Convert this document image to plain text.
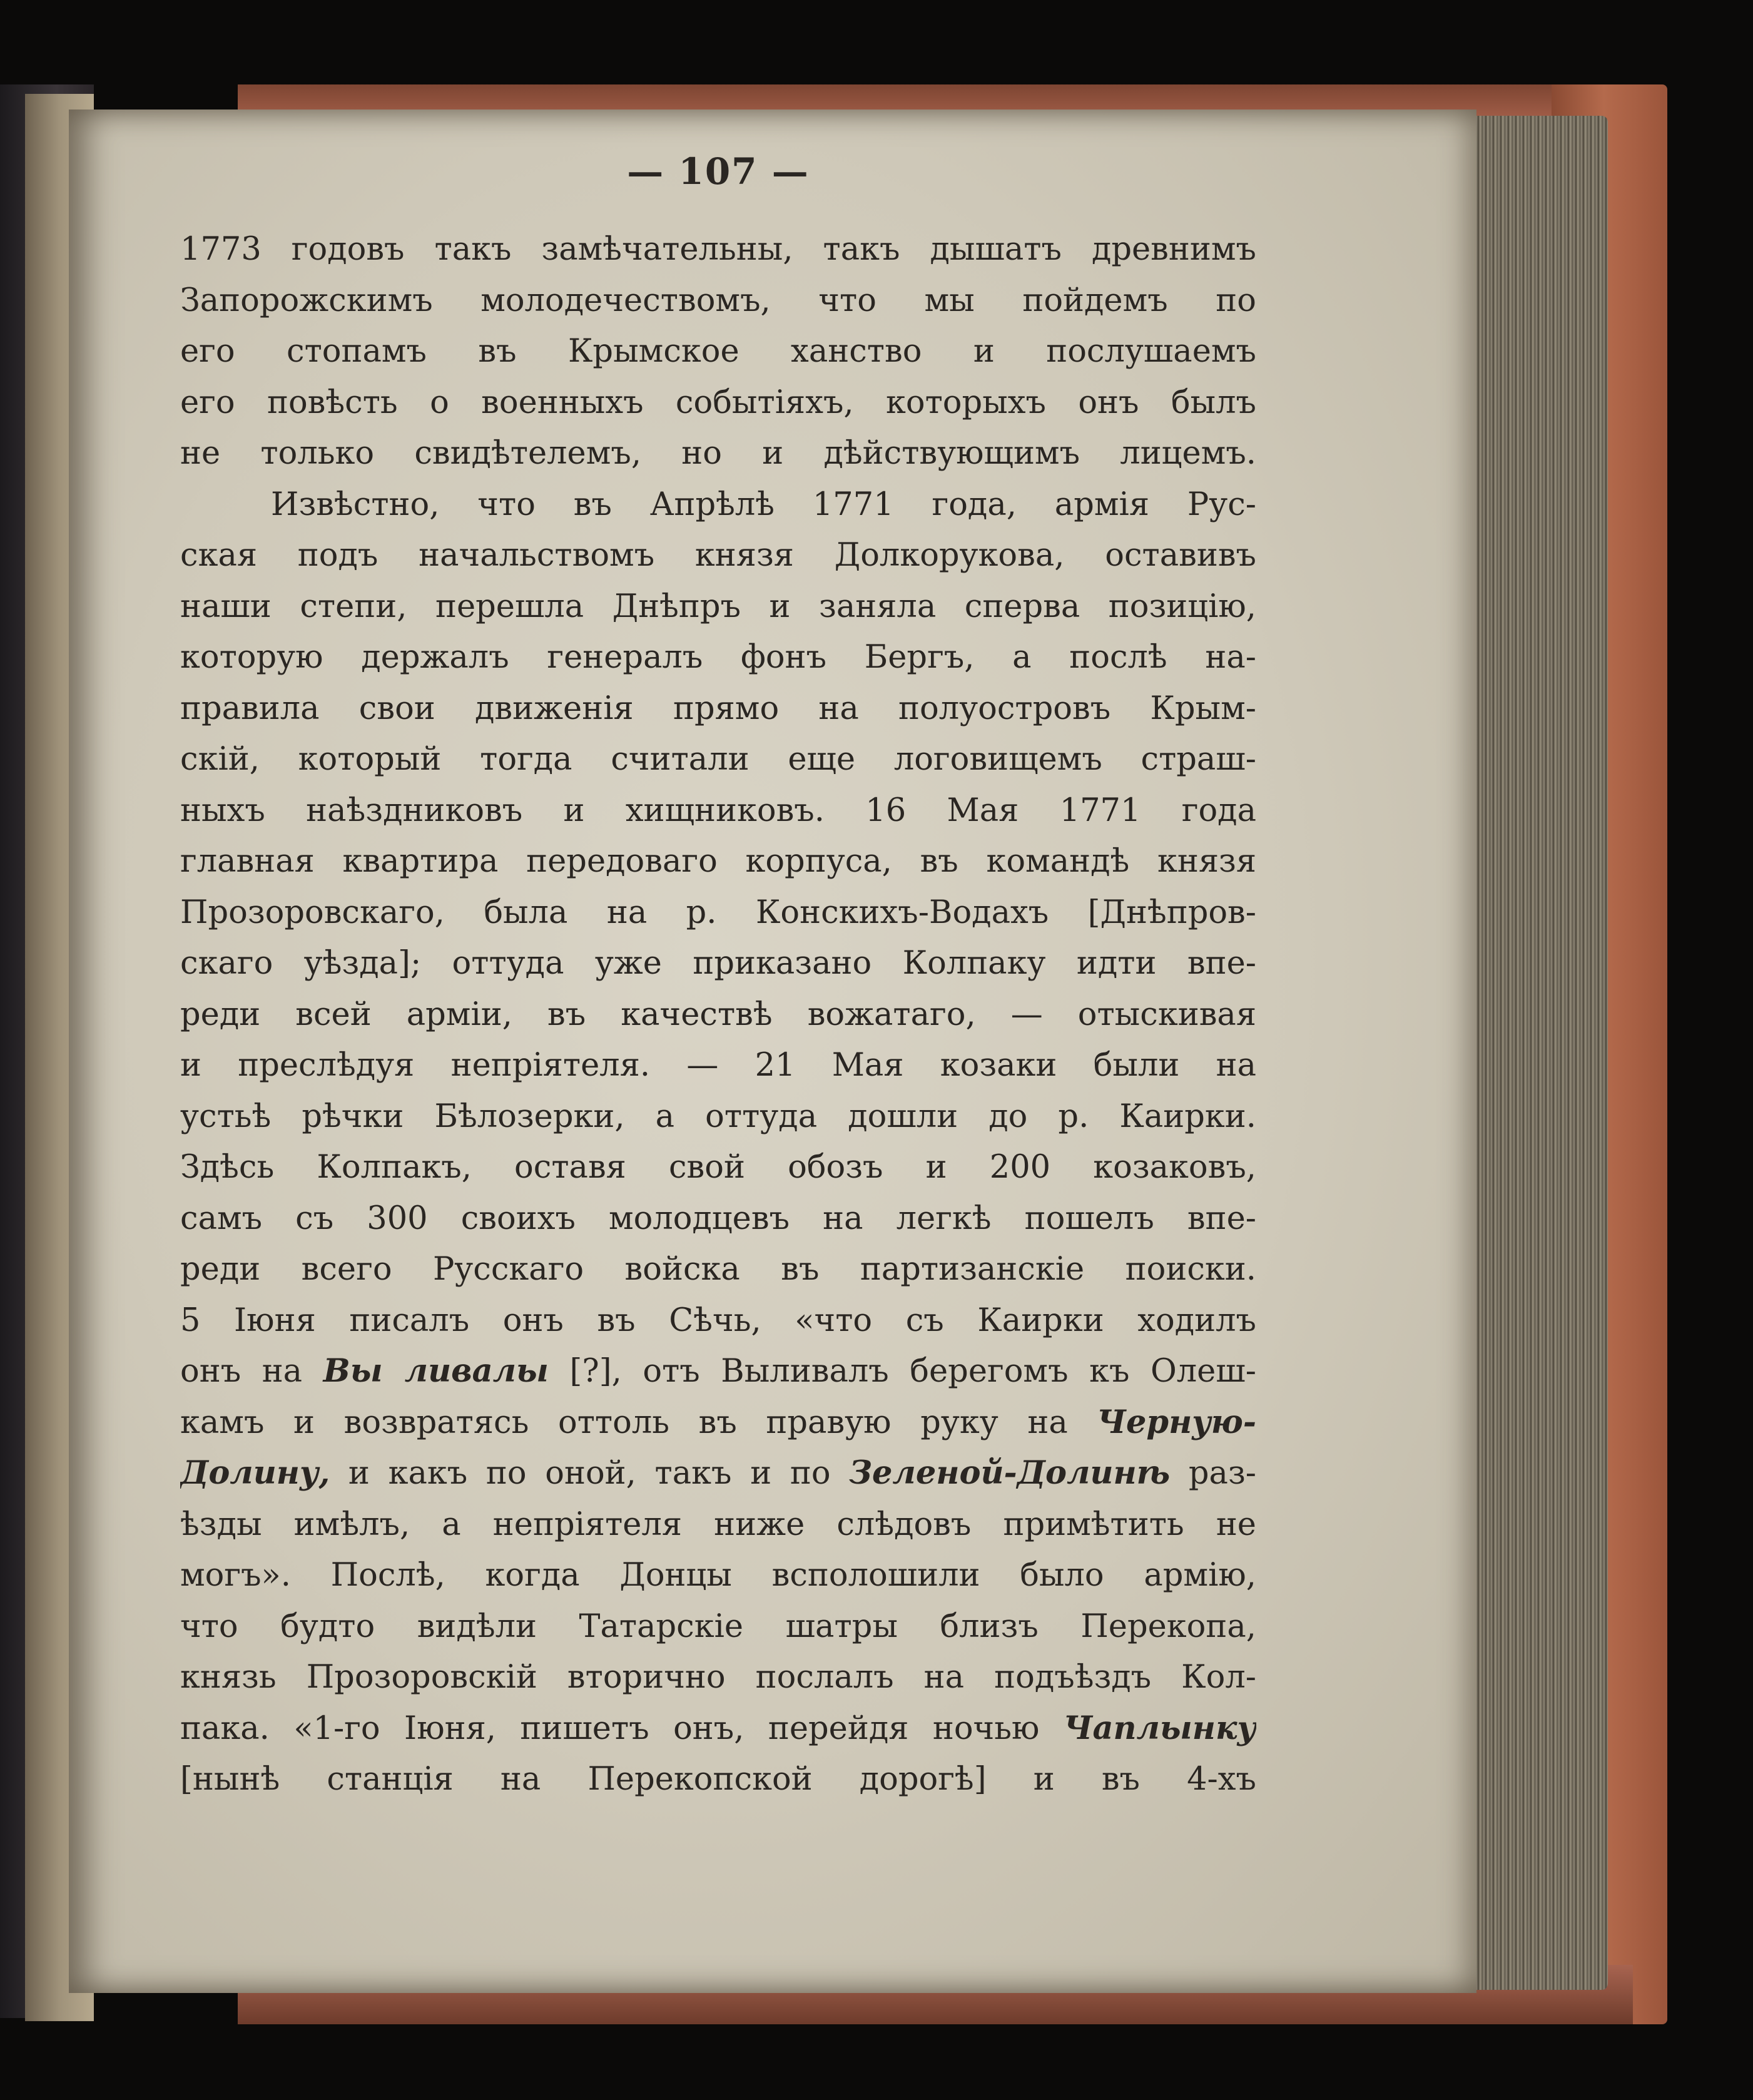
— 107 —
1773 годовъ такъ замѣчательны, такъ дышатъ древнимъ
Запорожскимъ молодечествомъ, что мы пойдемъ по
его стопамъ въ Крымское ханство и послушаемъ
его повѣсть о военныхъ событіяхъ, которыхъ онъ былъ
не только свидѣтелемъ, но и дѣйствующимъ лицемъ.
Извѣстно, что въ Апрѣлѣ 1771 года, армія Рус-
ская подъ начальствомъ князя Долкорукова, оставивъ
наши степи, перешла Днѣпръ и заняла сперва позицію,
которую держалъ генералъ фонъ Бергъ, а послѣ на-
правила свои движенія прямо на полуостровъ Крым-
скій, который тогда считали еще логовищемъ страш-
ныхъ наѣздниковъ и хищниковъ. 16 Мая 1771 года
главная квартира передоваго корпуса, въ командѣ князя
Прозоровскаго, была на р. Конскихъ-Водахъ [Днѣпров-
скаго уѣзда]; оттуда уже приказано Колпаку идти впе-
реди всей арміи, въ качествѣ вожатаго, — отыскивая
и преслѣдуя непріятеля. — 21 Мая козаки были на
устьѣ рѣчки Бѣлозерки, а оттуда дошли до р. Каирки.
Здѣсь Колпакъ, оставя свой обозъ и 200 козаковъ,
самъ съ 300 своихъ молодцевъ на легкѣ пошелъ впе-
реди всего Русскаго войска въ партизанскіе поиски.
5 Іюня писалъ онъ въ Сѣчь, «что съ Каирки ходилъ
онъ на Вы ливалы [?], отъ Выливалъ берегомъ къ Олеш-
камъ и возвратясь оттоль въ правую руку на Черную-
Долину, и какъ по оной, такъ и по Зеленой-Долинѣ раз-
ѣзды имѣлъ, а непріятеля ниже слѣдовъ примѣтить не
могъ». Послѣ, когда Донцы всполошили было армію,
что будто видѣли Татарскіе шатры близъ Перекопа,
князь Прозоровскій вторично послалъ на подъѣздъ Кол-
пака. «1-го Іюня, пишетъ онъ, перейдя ночью Чаплынку
[нынѣ станція на Перекопской дорогѣ] и въ 4-хъ
